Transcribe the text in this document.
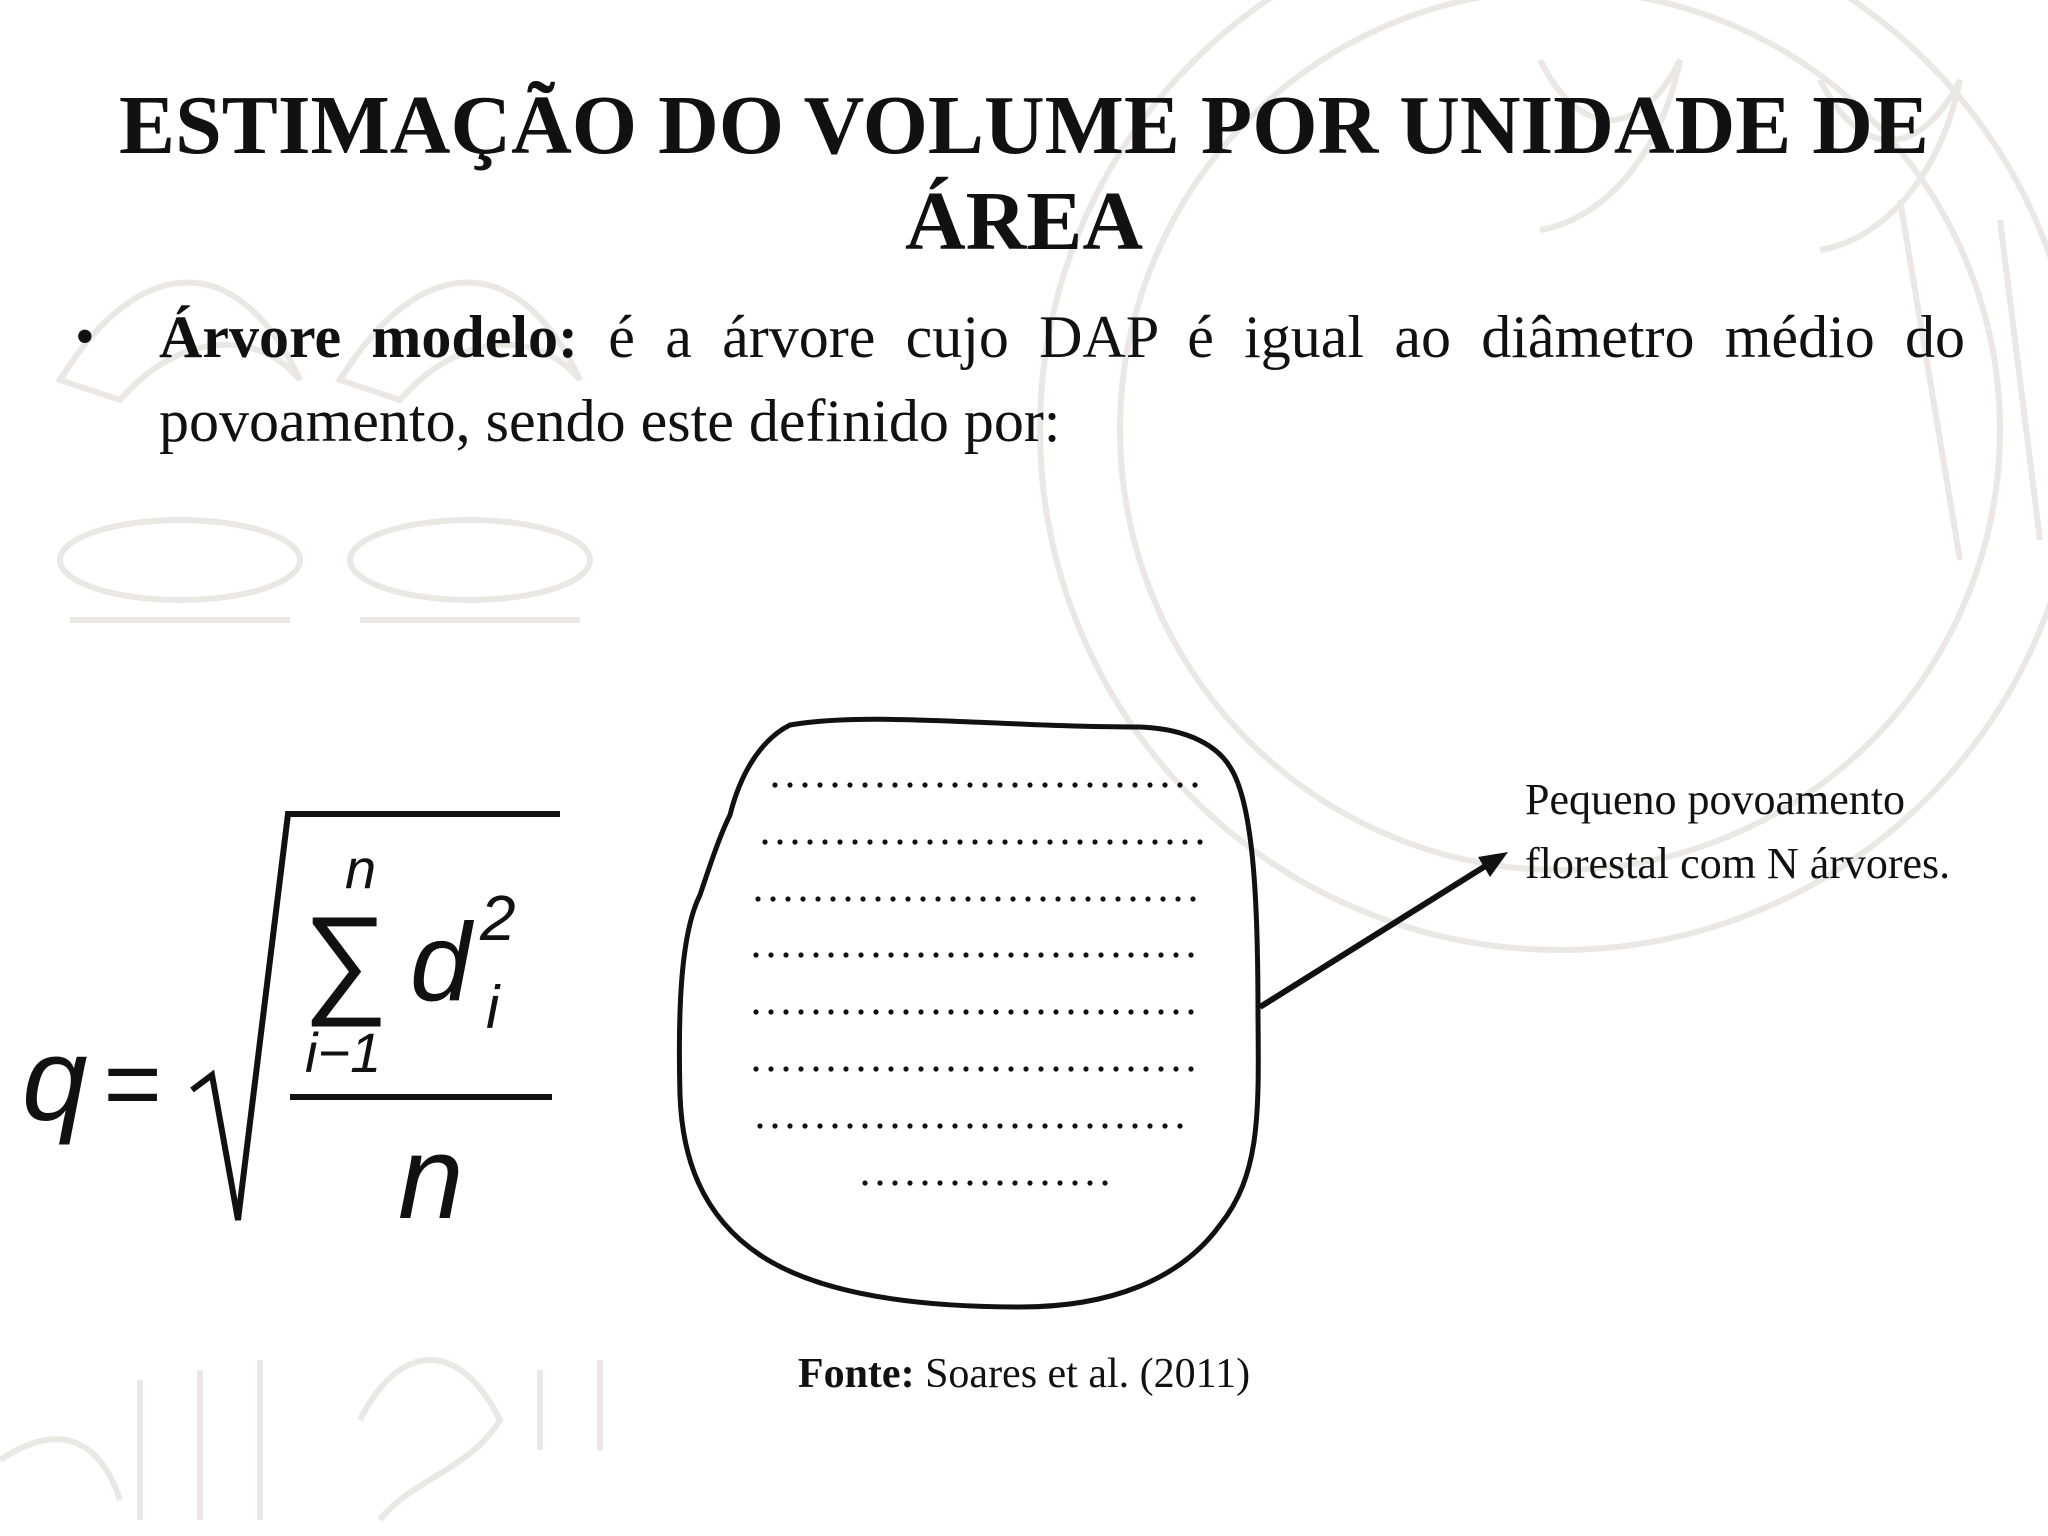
ESTIMAÇÃO DO VOLUME POR UNIDADE DE ÁREA
• Árvore modelo: é a árvore cujo DAP é igual ao diâmetro médio do povoamento, sendo este definido por:
q =
n
∑
i−1
d 2
i
n
Pequeno povoamento
florestal com N árvores.
Fonte: Soares et al. (2011)
